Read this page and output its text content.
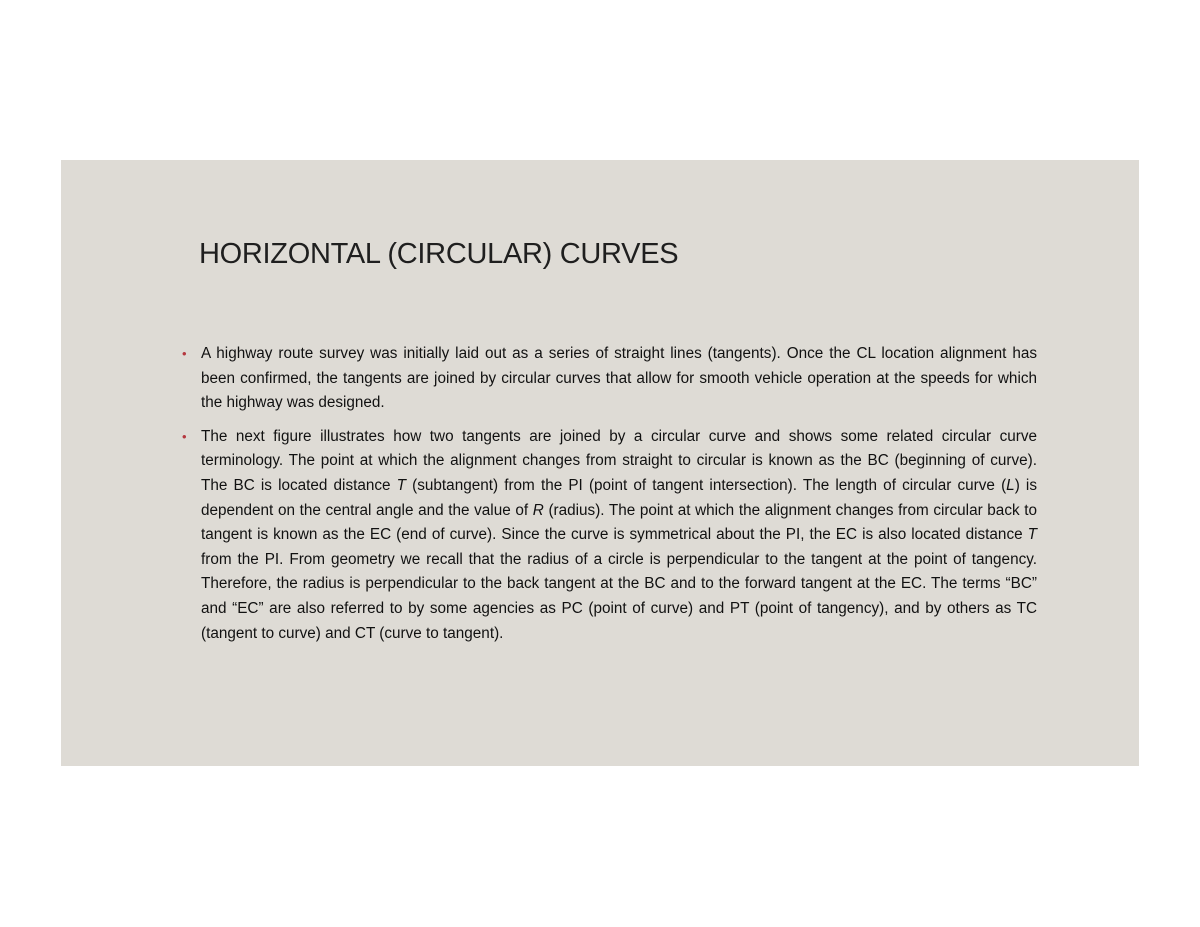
HORIZONTAL (CIRCULAR) CURVES
• A highway route survey was initially laid out as a series of straight lines (tangents). Once the CL location alignment has been confirmed, the tangents are joined by circular curves that allow for smooth vehicle operation at the speeds for which the highway was designed.
• The next figure illustrates how two tangents are joined by a circular curve and shows some related circular curve terminology. The point at which the alignment changes from straight to circular is known as the BC (beginning of curve). The BC is located distance T (subtangent) from the PI (point of tangent intersection). The length of circular curve (L) is dependent on the central angle and the value of R (radius). The point at which the alignment changes from circular back to tangent is known as the EC (end of curve). Since the curve is symmetrical about the PI, the EC is also located distance T from the PI. From geometry we recall that the radius of a circle is perpendicular to the tangent at the point of tangency. Therefore, the radius is perpendicular to the back tangent at the BC and to the forward tangent at the EC. The terms “BC” and “EC” are also referred to by some agencies as PC (point of curve) and PT (point of tangency), and by others as TC (tangent to curve) and CT (curve to tangent).
